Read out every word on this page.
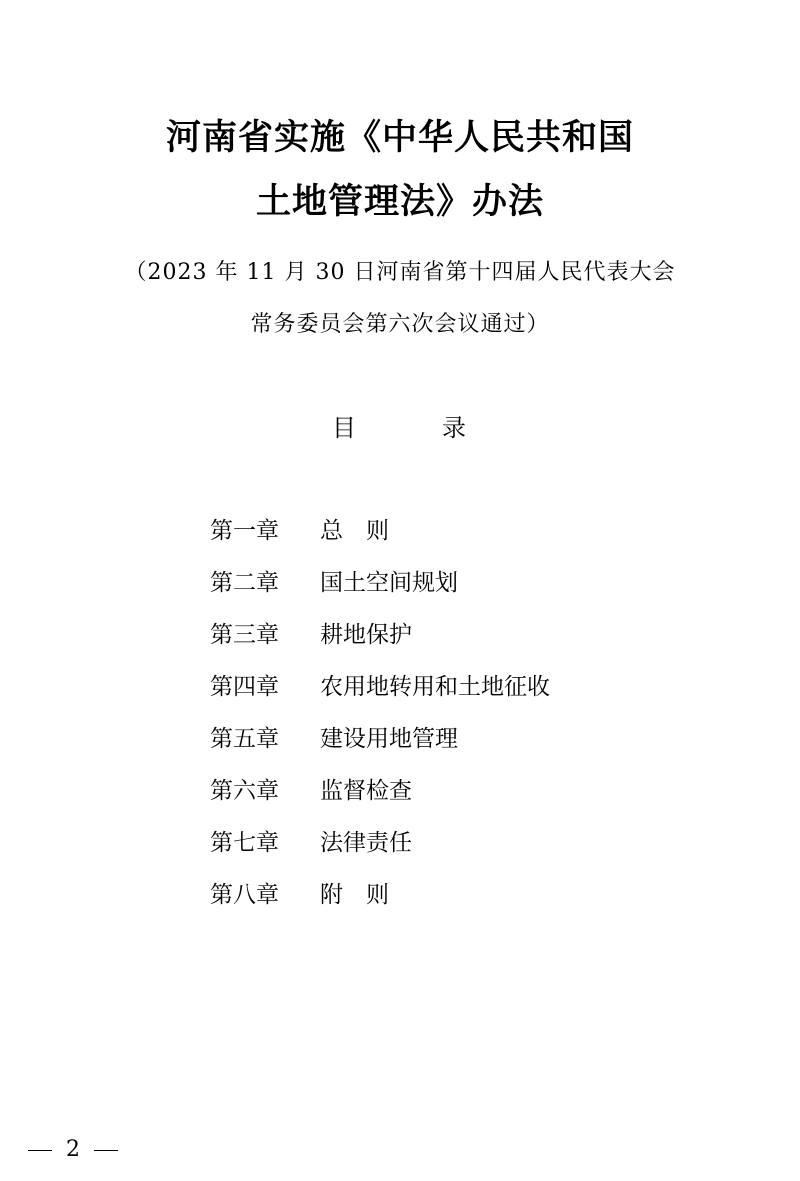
河南省实施《中华人民共和国
土地管理法》办法
（2023 年 11 月 30 日河南省第十四届人民代表大会
常务委员会第六次会议通过）
目	录
第一章	总　则
第二章	国土空间规划
第三章	耕地保护
第四章	农用地转用和土地征收
第五章	建设用地管理
第六章	监督检查
第七章	法律责任
第八章	附　则
2
